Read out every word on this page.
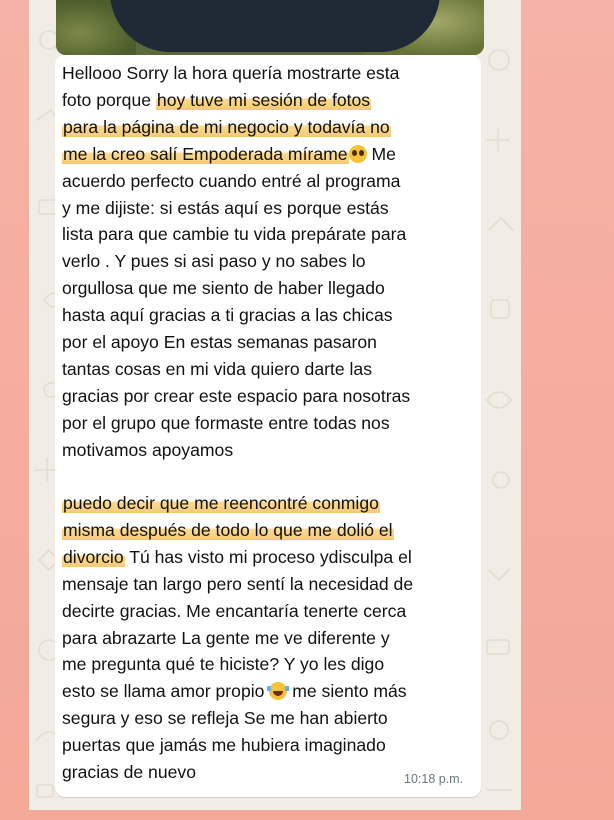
Hellooo Sorry la hora quería mostrarte esta
foto porque hoy tuve mi sesión de fotos
para la página de mi negocio y todavía no
me la creo salí Empoderada mírame Me
acuerdo perfecto cuando entré al programa
y me dijiste: si estás aquí es porque estás
lista para que cambie tu vida prepárate para
verlo . Y pues si asi paso y no sabes lo
orgullosa que me siento de haber llegado
hasta aquí gracias a ti gracias a las chicas
por el apoyo En estas semanas pasaron
tantas cosas en mi vida quiero darte las
gracias por crear este espacio para nosotras
por el grupo que formaste entre todas nos
motivamos apoyamos

puedo decir que me reencontré conmigo
misma después de todo lo que me dolió el
divorcio Tú has visto mi proceso ydisculpa el
mensaje tan largo pero sentí la necesidad de
decirte gracias. Me encantaría tenerte cerca
para abrazarte La gente me ve diferente y
me pregunta qué te hiciste? Y yo les digo
esto se llama amor propio  me siento más
segura y eso se refleja Se me han abierto
puertas que jamás me hubiera imaginado
gracias de nuevo	10:18 p.m.
